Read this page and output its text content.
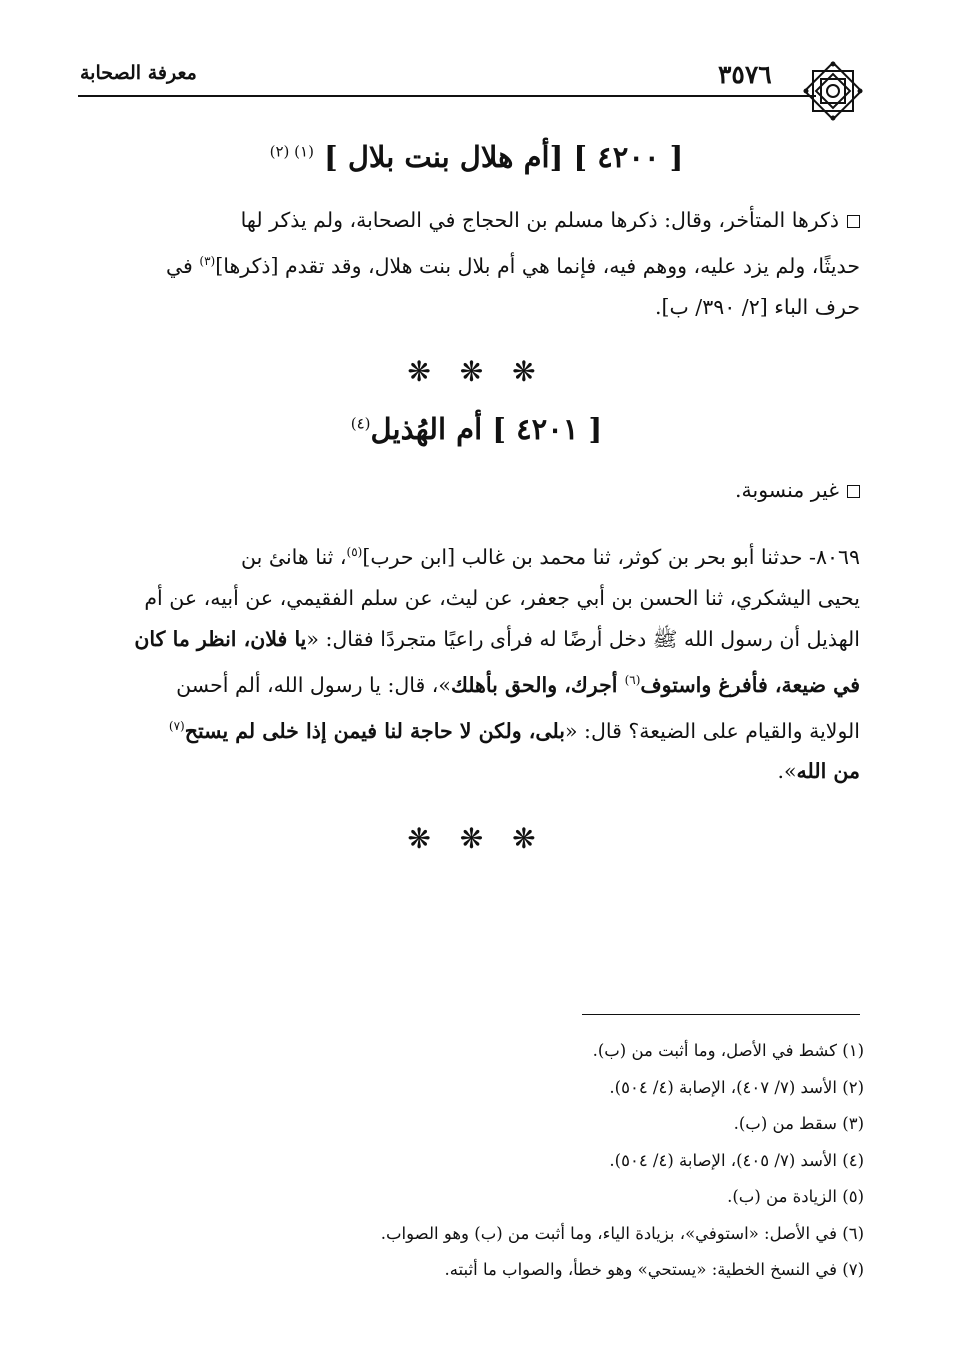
معرفة الصحابة	٣٥٧٦
[ ٤٢٠٠ ] [أم هلال بنت بلال ] $^{(١) (٢)}$
ذكرها المتأخر، وقال: ذكرها مسلم بن الحجاج في الصحابة، ولم يذكر لها
حديثًا، ولم يزد عليه، ووهم فيه، فإنما هي أم بلال بنت هلال، وقد تقدم [ذكرها]$^{(٣)}$ في
حرف الباء [٢/ ٣٩٠/ ب].
❋ ❋ ❋
[ ٤٢٠١ ] أم الهُذيل$^{(٤)}$
غير منسوبة.
٨٠٦٩- حدثنا أبو بحر بن كوثر، ثنا محمد بن غالب [ابن حرب]$^{(٥)}$، ثنا هانئ بن
يحيى اليشكري، ثنا الحسن بن أبي جعفر، عن ليث، عن سلم الفقيمي، عن أبيه، عن أم
الهذيل أن رسول الله ﷺ دخل أرضًا له فرأى راعيًا متجردًا فقال: «يا فلان، انظر ما كان
في ضيعة، فأفرغ واستوف$^{(٦)}$ أجرك، والحق بأهلك»، قال: يا رسول الله، ألم أحسن
الولاية والقيام على الضيعة؟ قال: «بلى، ولكن لا حاجة لنا فيمن إذا خلى لم يستح$^{(٧)}$
من الله».
❋ ❋ ❋
(١) كشط في الأصل، وما أثبت من (ب).
(٢) الأسد (٧/ ٤٠٧)، الإصابة (٤/ ٥٠٤).
(٣) سقط من (ب).
(٤) الأسد (٧/ ٤٠٥)، الإصابة (٤/ ٥٠٤).
(٥) الزيادة من (ب).
(٦) في الأصل: «استوفي»، بزيادة الياء، وما أثبت من (ب) وهو الصواب.
(٧) في النسخ الخطية: «يستحي» وهو خطأ، والصواب ما أثبته.
